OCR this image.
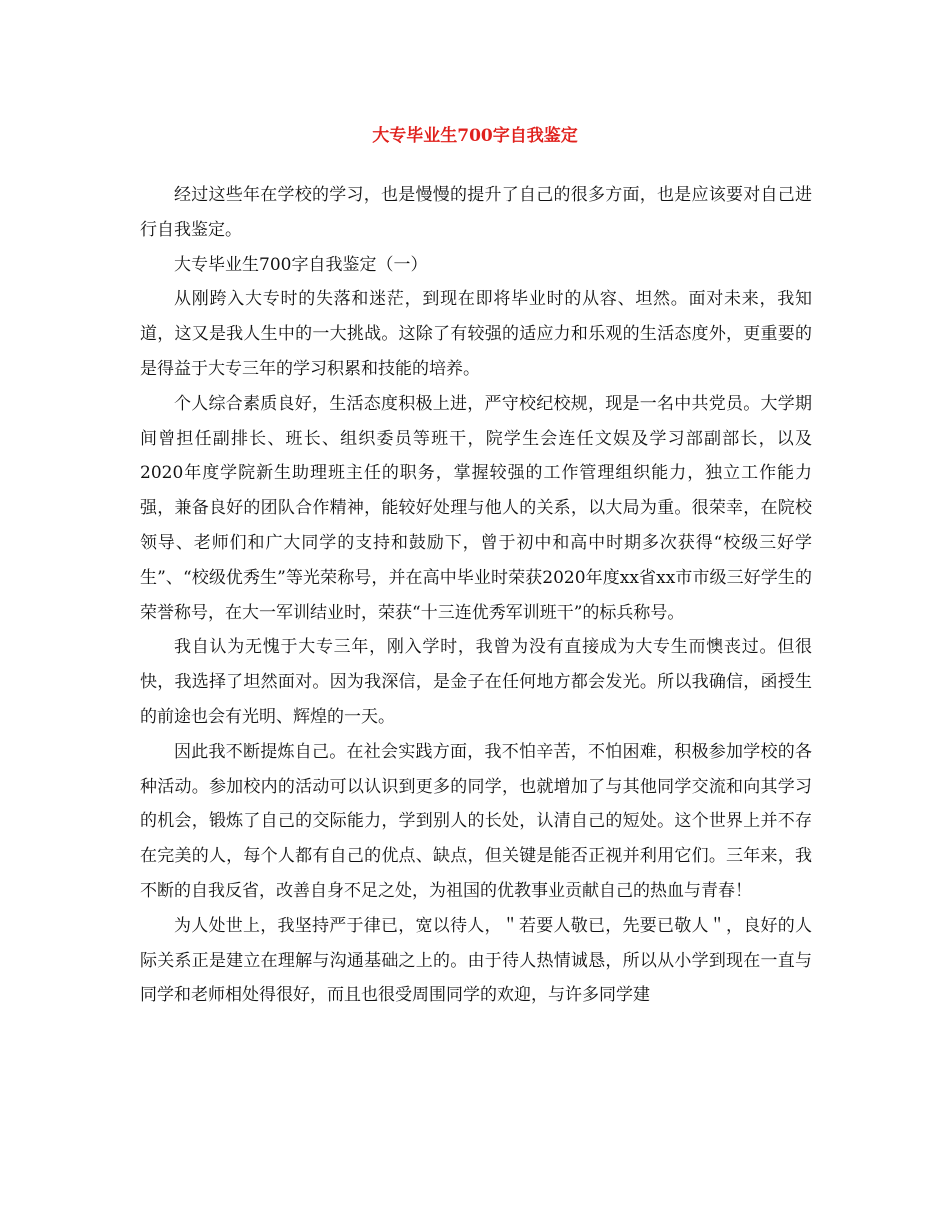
大专毕业生700字自我鉴定

经过这些年在学校的学习，也是慢慢的提升了自己的很多方面，也是应该要对自己进行自我鉴定。

大专毕业生700字自我鉴定（一）

从刚跨入大专时的失落和迷茫，到现在即将毕业时的从容、坦然。面对未来，我知道，这又是我人生中的一大挑战。这除了有较强的适应力和乐观的生活态度外，更重要的是得益于大专三年的学习积累和技能的培养。

个人综合素质良好，生活态度积极上进，严守校纪校规，现是一名中共党员。大学期间曾担任副排长、班长、组织委员等班干，院学生会连任文娱及学习部副部长，以及2020年度学院新生助理班主任的职务，掌握较强的工作管理组织能力，独立工作能力强，兼备良好的团队合作精神，能较好处理与他人的关系，以大局为重。很荣幸，在院校领导、老师们和广大同学的支持和鼓励下，曾于初中和高中时期多次获得“校级三好学生”、“校级优秀生”等光荣称号，并在高中毕业时荣获2020年度xx省xx市市级三好学生的荣誉称号，在大一军训结业时，荣获“十三连优秀军训班干”的标兵称号。

我自认为无愧于大专三年，刚入学时，我曾为没有直接成为大专生而懊丧过。但很快，我选择了坦然面对。因为我深信，是金子在任何地方都会发光。所以我确信，函授生的前途也会有光明、辉煌的一天。

因此我不断提炼自己。在社会实践方面，我不怕辛苦，不怕困难，积极参加学校的各种活动。参加校内的活动可以认识到更多的同学，也就增加了与其他同学交流和向其学习的机会，锻炼了自己的交际能力，学到别人的长处，认清自己的短处。这个世界上并不存在完美的人，每个人都有自己的优点、缺点，但关键是能否正视并利用它们。三年来，我不断的自我反省，改善自身不足之处，为祖国的优教事业贡献自己的热血与青春！

为人处世上，我坚持严于律已，宽以待人，＂若要人敬已，先要已敬人＂，良好的人际关系正是建立在理解与沟通基础之上的。由于待人热情诚恳，所以从小学到现在一直与同学和老师相处得很好，而且也很受周围同学的欢迎，与许多同学建
